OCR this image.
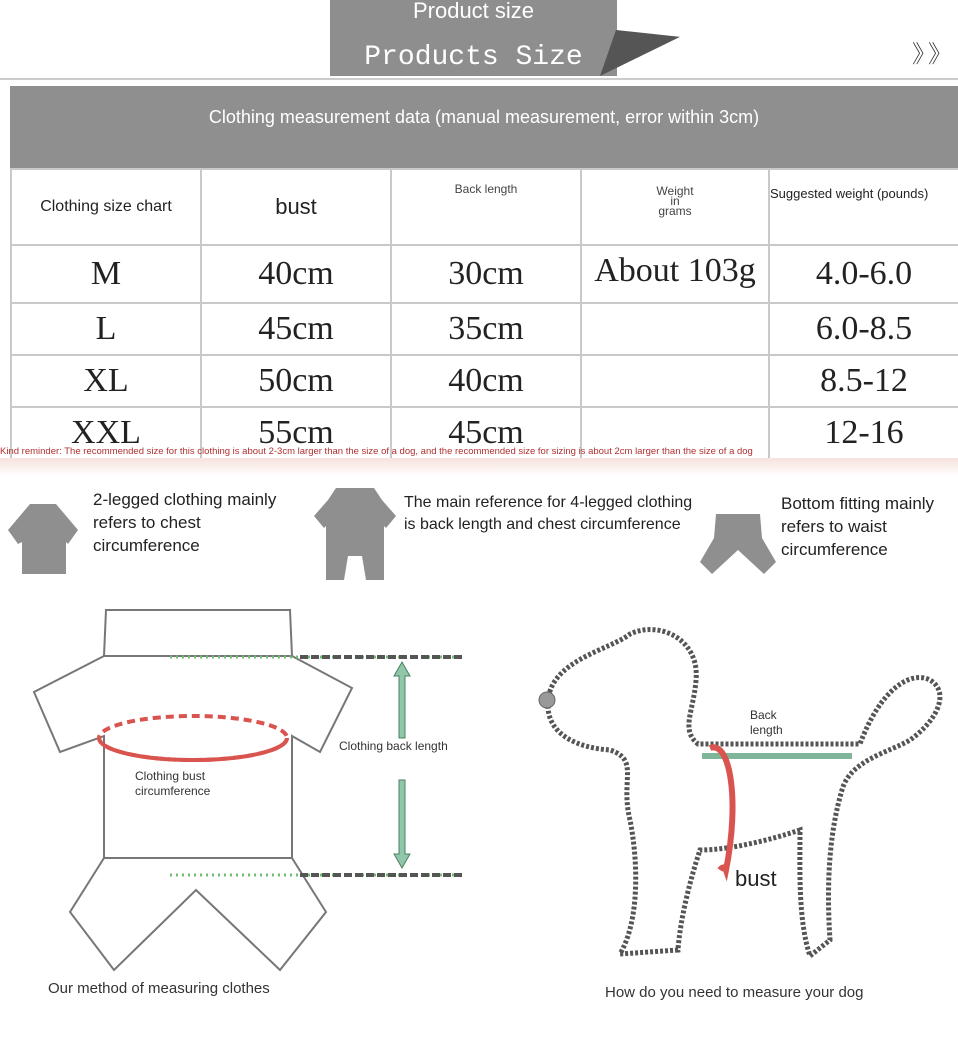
Product size
Products Size	》》
Clothing measurement data (manual measurement, error within 3cm)
Clothing size chart	bust	Back length	Weight
in
grams	Suggested weight (pounds)
M	40cm	30cm	About 103g	4.0-6.0
L	45cm	35cm		6.0-8.5
XL	50cm	40cm		8.5-12
XXL	55cm	45cm		12-16
Kind reminder: The recommended size for this clothing is about 2-3cm larger than the size of a dog, and the recommended size for sizing is about 2cm larger than the size of a dog
2-legged clothing mainly refers to chest circumference
The main reference for 4-legged clothing is back length and chest circumference
Bottom fitting mainly refers to waist circumference
Clothing back length
Clothing bust circumference
Our method of measuring clothes
Back length
bust
How do you need to measure your dog
